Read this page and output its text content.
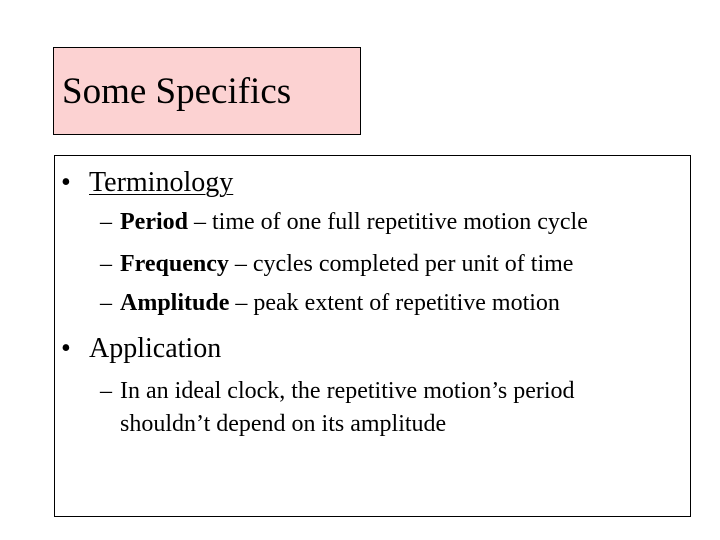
Some Specifics
• Terminology
– Period – time of one full repetitive motion cycle
– Frequency – cycles completed per unit of time
– Amplitude – peak extent of repetitive motion
• Application
– In an ideal clock, the repetitive motion’s period
shouldn’t depend on its amplitude
